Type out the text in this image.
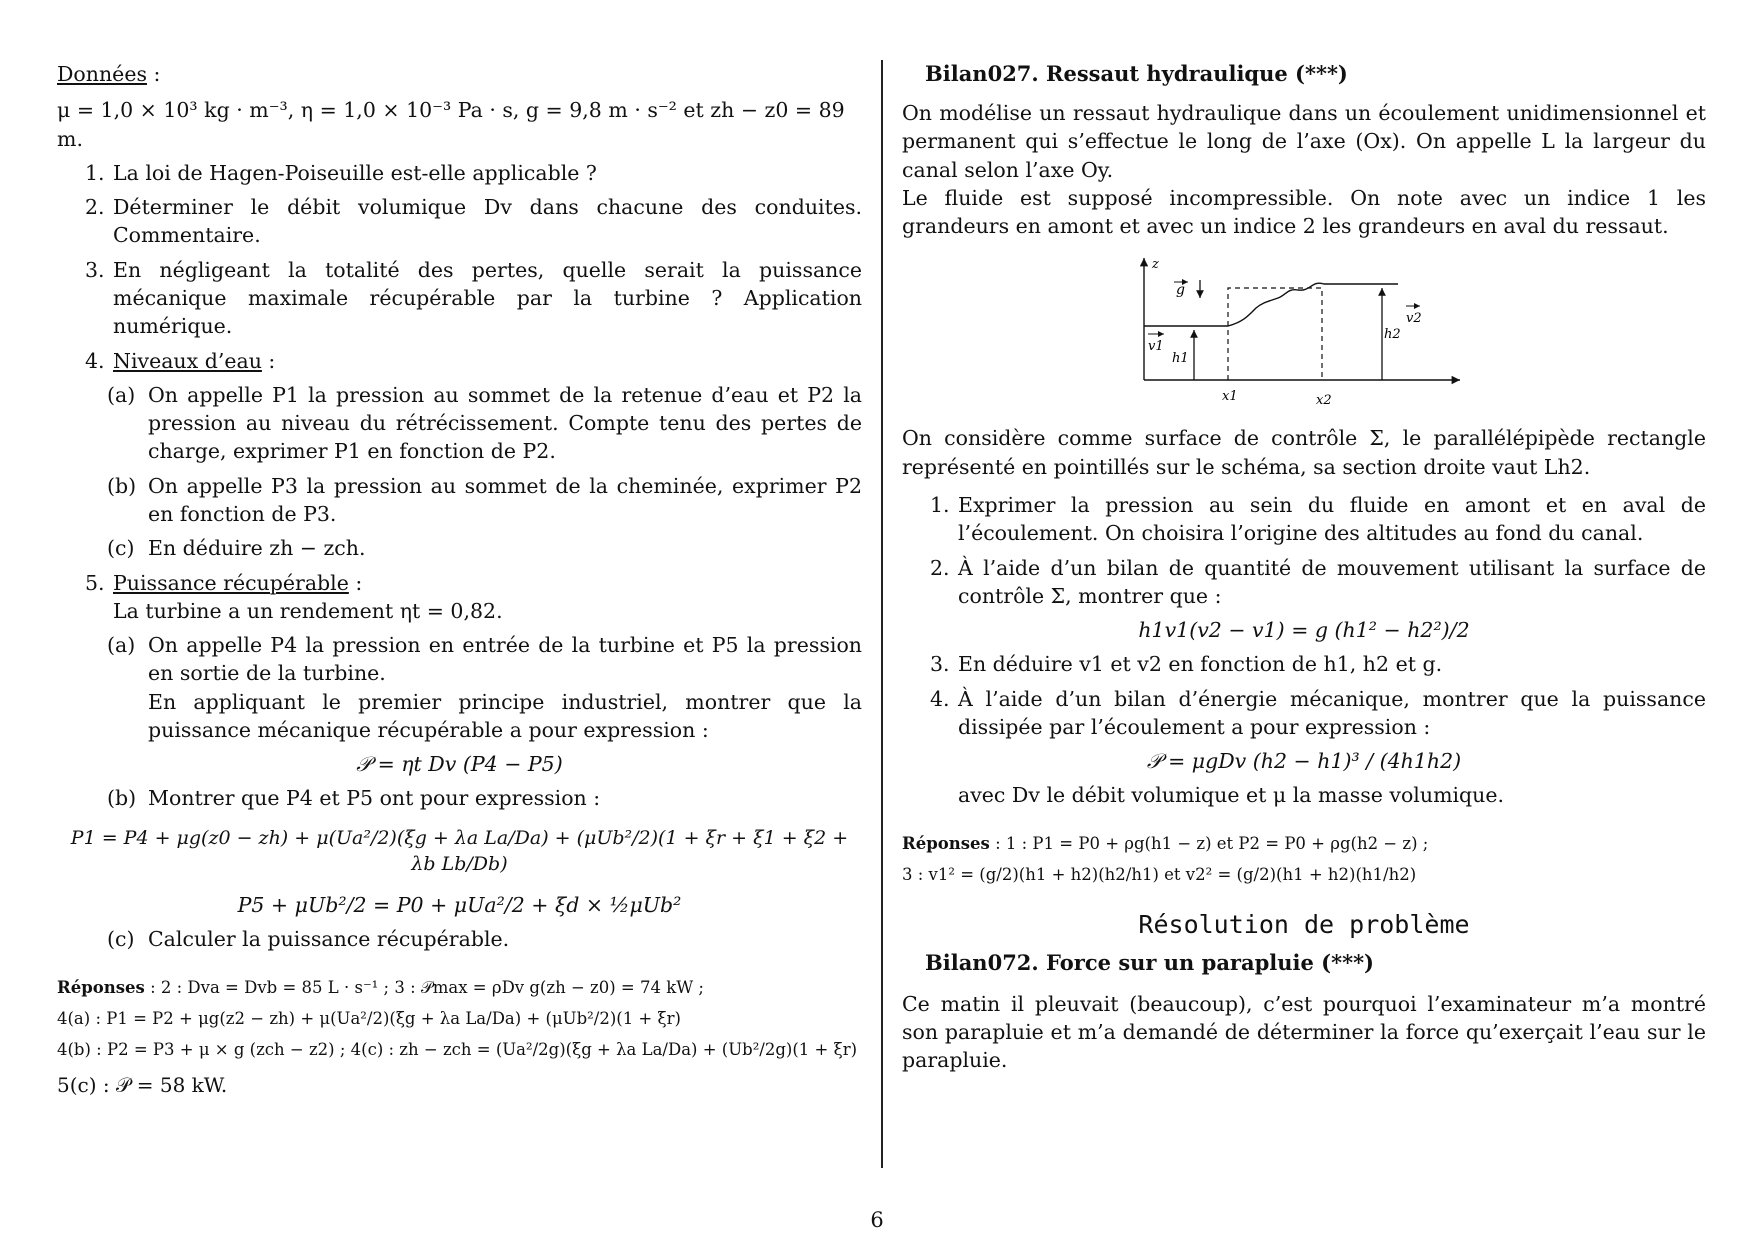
Données :

μ = 1,0 × 10³ kg · m⁻³, η = 1,0 × 10⁻³ Pa · s, g = 9,8 m · s⁻² et zh − z0 = 89 m.

1. La loi de Hagen-Poiseuille est-elle applicable ?
2. Déterminer le débit volumique Dv dans chacune des conduites. Commentaire.
3. En négligeant la totalité des pertes, quelle serait la puissance mécanique maximale récupérable par la turbine ? Application numérique.
4. Niveaux d’eau :
(a) On appelle P1 la pression au sommet de la retenue d’eau et P2 la pression au niveau du rétrécissement. Compte tenu des pertes de charge, exprimer P1 en fonction de P2.
(b) On appelle P3 la pression au sommet de la cheminée, exprimer P2 en fonction de P3.
(c) En déduire zh − zch.
5. Puissance récupérable :
La turbine a un rendement ηt = 0,82.
(a) On appelle P4 la pression en entrée de la turbine et P5 la pression en sortie de la turbine.
En appliquant le premier principe industriel, montrer que la puissance mécanique récupérable a pour expression :

𝒫 = ηt Dv (P4 − P5)

(b) Montrer que P4 et P5 ont pour expression :

P1 = P4 + μg(z0 − zh) + μ(Ua²/2)(ξg + λa La/Da) + (μUb²/2)(1 + ξr + ξ1 + ξ2 + λb Lb/Db)

P5 + μUb²/2 = P0 + μUa²/2 + ξd × ½μUb²

(c) Calculer la puissance récupérable.
Réponses : 2 : Dva = Dvb = 85 L · s⁻¹ ; 3 : 𝒫max = ρDv g(zh − z0) = 74 kW ;
4(a) : P1 = P2 + μg(z2 − zh) + μ(Ua²/2)(ξg + λa La/Da) + (μUb²/2)(1 + ξr)
4(b) : P2 = P3 + μ × g (zch − z2) ; 4(c) : zh − zch = (Ua²/2g)(ξg + λa La/Da) + (Ub²/2g)(1 + ξr)
5(c) : 𝒫 = 58 kW.

Bilan027. Ressaut hydraulique (***)

On modélise un ressaut hydraulique dans un écoulement unidimensionnel et permanent qui s’effectue le long de l’axe (Ox). On appelle L la largeur du canal selon l’axe Oy.

Le fluide est supposé incompressible. On note avec un indice 1 les grandeurs en amont et avec un indice 2 les grandeurs en aval du ressaut.

g
z
v1
h1
h2
v2
x1	x2

On considère comme surface de contrôle Σ, le parallélépipède rectangle représenté en pointillés sur le schéma, sa section droite vaut Lh2.

1. Exprimer la pression au sein du fluide en amont et en aval de l’écoulement. On choisira l’origine des altitudes au fond du canal.
2. À l’aide d’un bilan de quantité de mouvement utilisant la surface de contrôle Σ, montrer que :

h1v1(v2 − v1) = g (h1² − h2²)/2

3. En déduire v1 et v2 en fonction de h1, h2 et g.
4. À l’aide d’un bilan d’énergie mécanique, montrer que la puissance dissipée par l’écoulement a pour expression :

𝒫 = μgDv (h2 − h1)³ / (4h1h2)

avec Dv le débit volumique et μ la masse volumique.
Réponses : 1 : P1 = P0 + ρg(h1 − z) et P2 = P0 + ρg(h2 − z) ;
3 : v1² = (g/2)(h1 + h2)(h2/h1) et v2² = (g/2)(h1 + h2)(h1/h2)

Résolution de problème

Bilan072. Force sur un parapluie (***)

Ce matin il pleuvait (beaucoup), c’est pourquoi l’examinateur m’a montré son parapluie et m’a demandé de déterminer la force qu’exerçait l’eau sur le parapluie.

6
